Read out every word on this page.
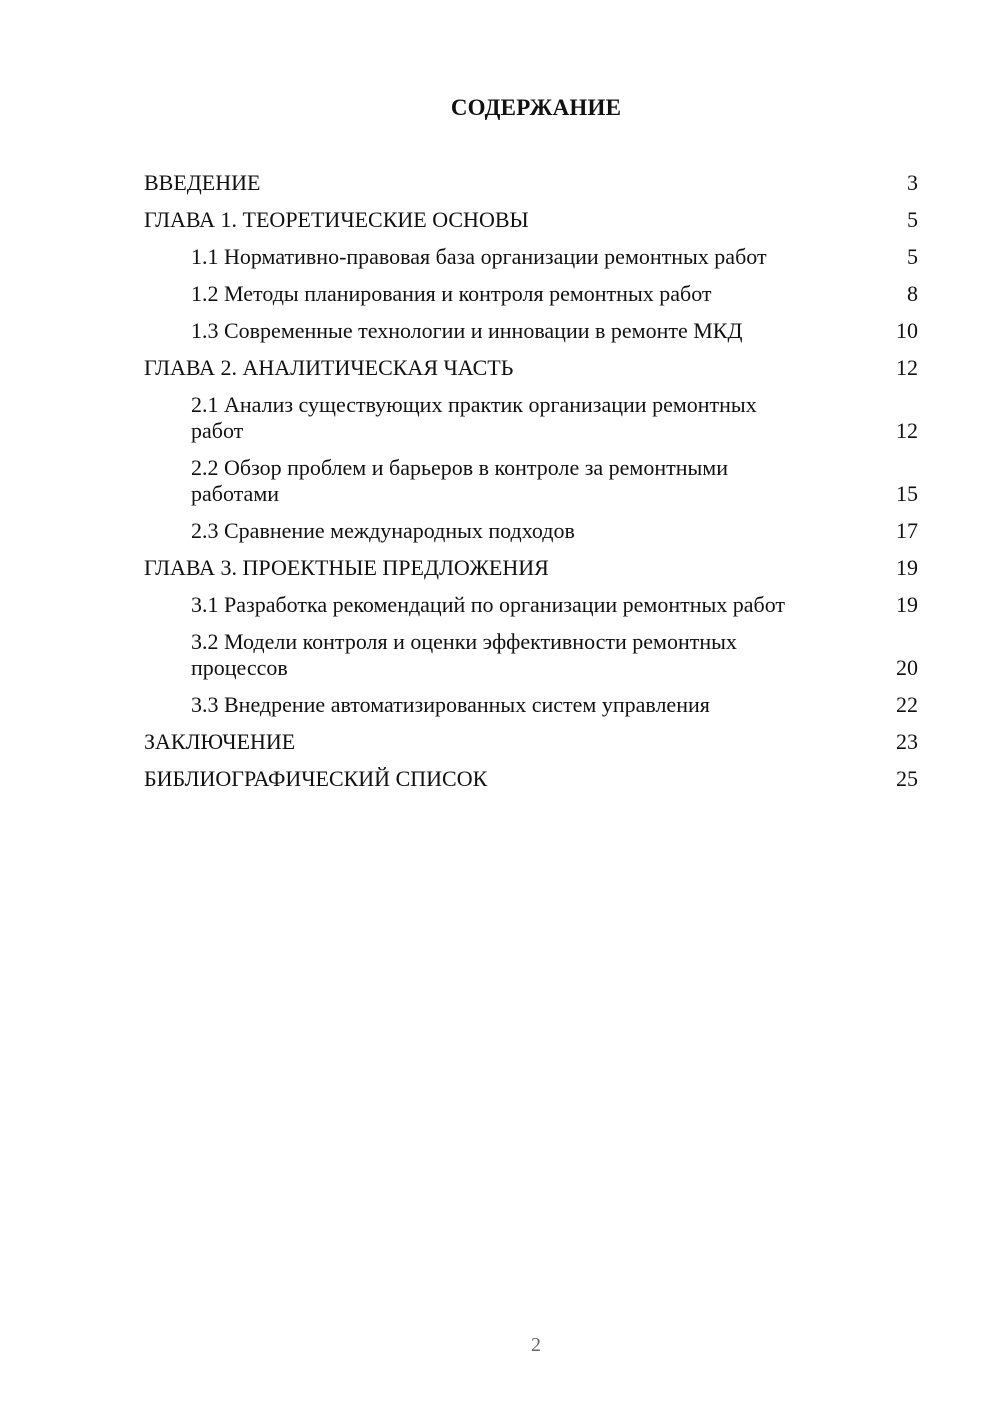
СОДЕРЖАНИЕ
ВВЕДЕНИЕ	3
ГЛАВА 1. ТЕОРЕТИЧЕСКИЕ ОСНОВЫ	5
1.1 Нормативно-правовая база организации ремонтных работ	5
1.2 Методы планирования и контроля ремонтных работ	8
1.3 Современные технологии и инновации в ремонте МКД	10
ГЛАВА 2. АНАЛИТИЧЕСКАЯ ЧАСТЬ	12
2.1 Анализ существующих практик организации ремонтных работ	12
2.2 Обзор проблем и барьеров в контроле за ремонтными работами	15
2.3 Сравнение международных подходов	17
ГЛАВА 3. ПРОЕКТНЫЕ ПРЕДЛОЖЕНИЯ	19
3.1 Разработка рекомендаций по организации ремонтных работ	19
3.2 Модели контроля и оценки эффективности ремонтных процессов	20
3.3 Внедрение автоматизированных систем управления	22
ЗАКЛЮЧЕНИЕ	23
БИБЛИОГРАФИЧЕСКИЙ СПИСОК	25
2
